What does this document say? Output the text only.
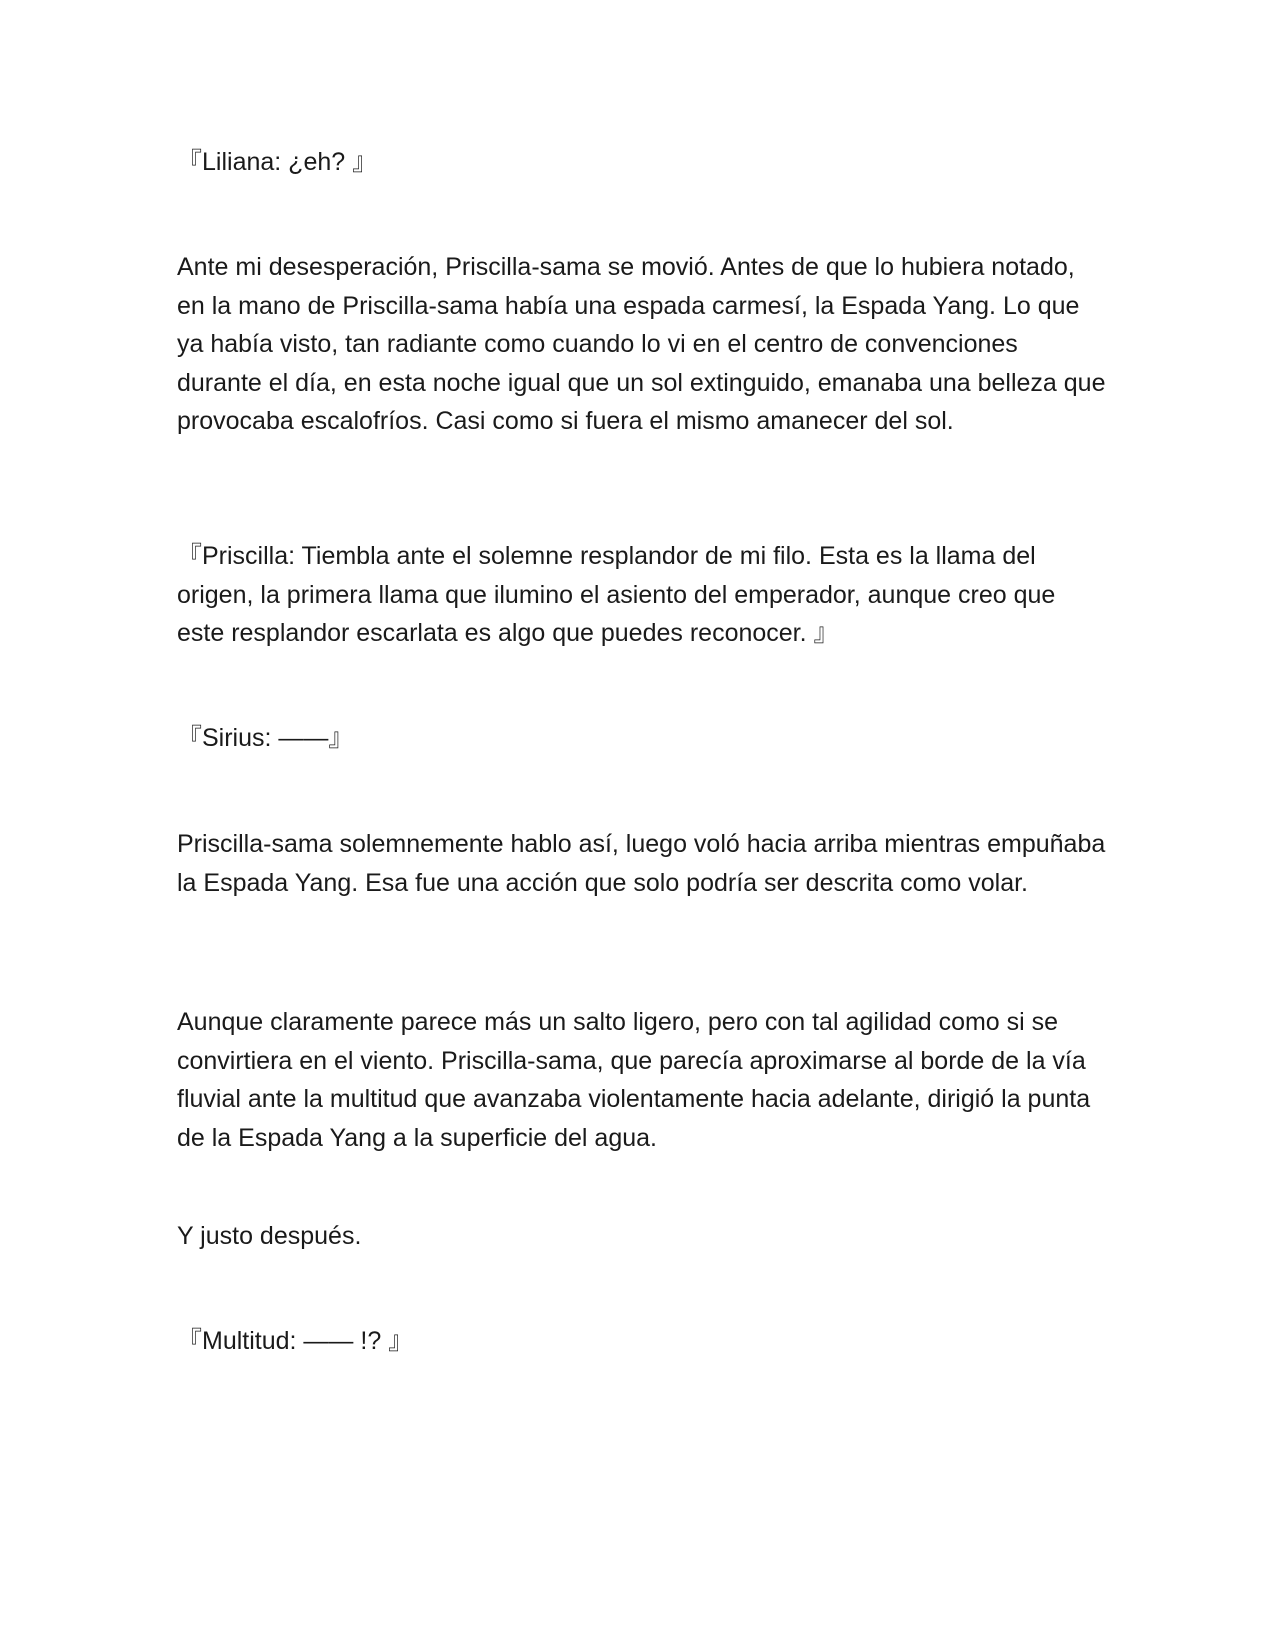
『Liliana: ¿eh? 』

Ante mi desesperación, Priscilla-sama se movió. Antes de que lo hubiera notado, en la mano de Priscilla-sama había una espada carmesí, la Espada Yang. Lo que ya había visto, tan radiante como cuando lo vi en el centro de convenciones durante el día, en esta noche igual que un sol extinguido, emanaba una belleza que provocaba escalofríos. Casi como si fuera el mismo amanecer del sol.

『Priscilla: Tiembla ante el solemne resplandor de mi filo. Esta es la llama del origen, la primera llama que ilumino el asiento del emperador, aunque creo que este resplandor escarlata es algo que puedes reconocer. 』

『Sirius: ——』

Priscilla-sama solemnemente hablo así, luego voló hacia arriba mientras empuñaba la Espada Yang. Esa fue una acción que solo podría ser descrita como volar.

Aunque claramente parece más un salto ligero, pero con tal agilidad como si se convirtiera en el viento. Priscilla-sama, que parecía aproximarse al borde de la vía fluvial ante la multitud que avanzaba violentamente hacia adelante, dirigió la punta de la Espada Yang a la superficie del agua.

Y justo después.

『Multitud: —— !? 』
